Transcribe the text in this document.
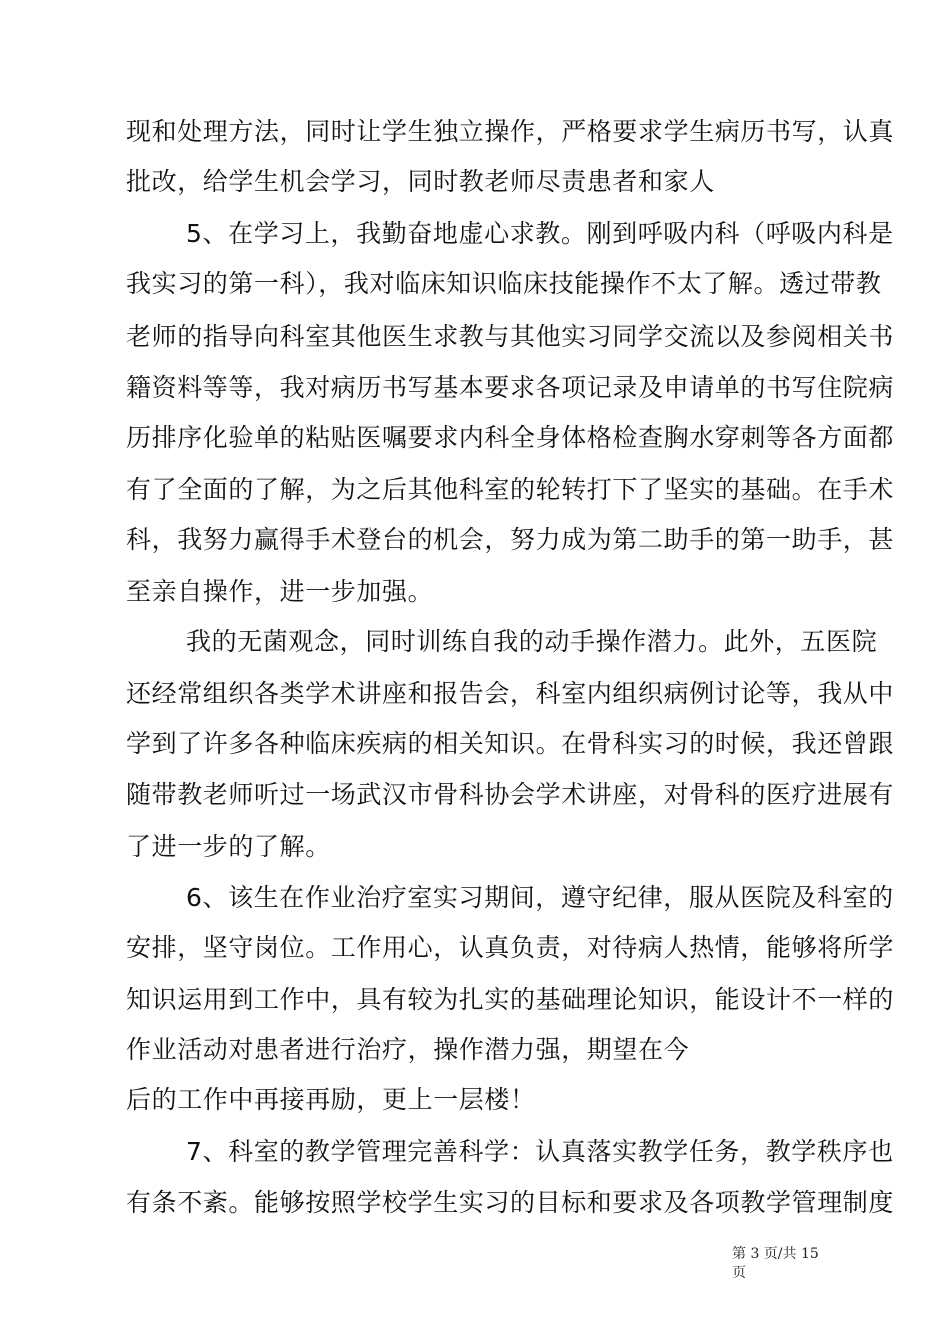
现和处理方法，同时让学生独立操作，严格要求学生病历书写，认真
批改，给学生机会学习，同时教老师尽责患者和家人
5、在学习上，我勤奋地虚心求教。刚到呼吸内科（呼吸内科是
我实习的第一科），我对临床知识临床技能操作不太了解。透过带教
老师的指导向科室其他医生求教与其他实习同学交流以及参阅相关书
籍资料等等，我对病历书写基本要求各项记录及申请单的书写住院病
历排序化验单的粘贴医嘱要求内科全身体格检查胸水穿刺等各方面都
有了全面的了解，为之后其他科室的轮转打下了坚实的基础。在手术
科，我努力赢得手术登台的机会，努力成为第二助手的第一助手，甚
至亲自操作，进一步加强。
我的无菌观念，同时训练自我的动手操作潜力。此外，五医院
还经常组织各类学术讲座和报告会，科室内组织病例讨论等，我从中
学到了许多各种临床疾病的相关知识。在骨科实习的时候，我还曾跟
随带教老师听过一场武汉市骨科协会学术讲座，对骨科的医疗进展有
了进一步的了解。
6、该生在作业治疗室实习期间，遵守纪律，服从医院及科室的
安排，坚守岗位。工作用心，认真负责，对待病人热情，能够将所学
知识运用到工作中，具有较为扎实的基础理论知识，能设计不一样的
作业活动对患者进行治疗，操作潜力强，期望在今
后的工作中再接再励，更上一层楼！
7、科室的教学管理完善科学：认真落实教学任务，教学秩序也
有条不紊。能够按照学校学生实习的目标和要求及各项教学管理制度
第 3 页/共 15
页
